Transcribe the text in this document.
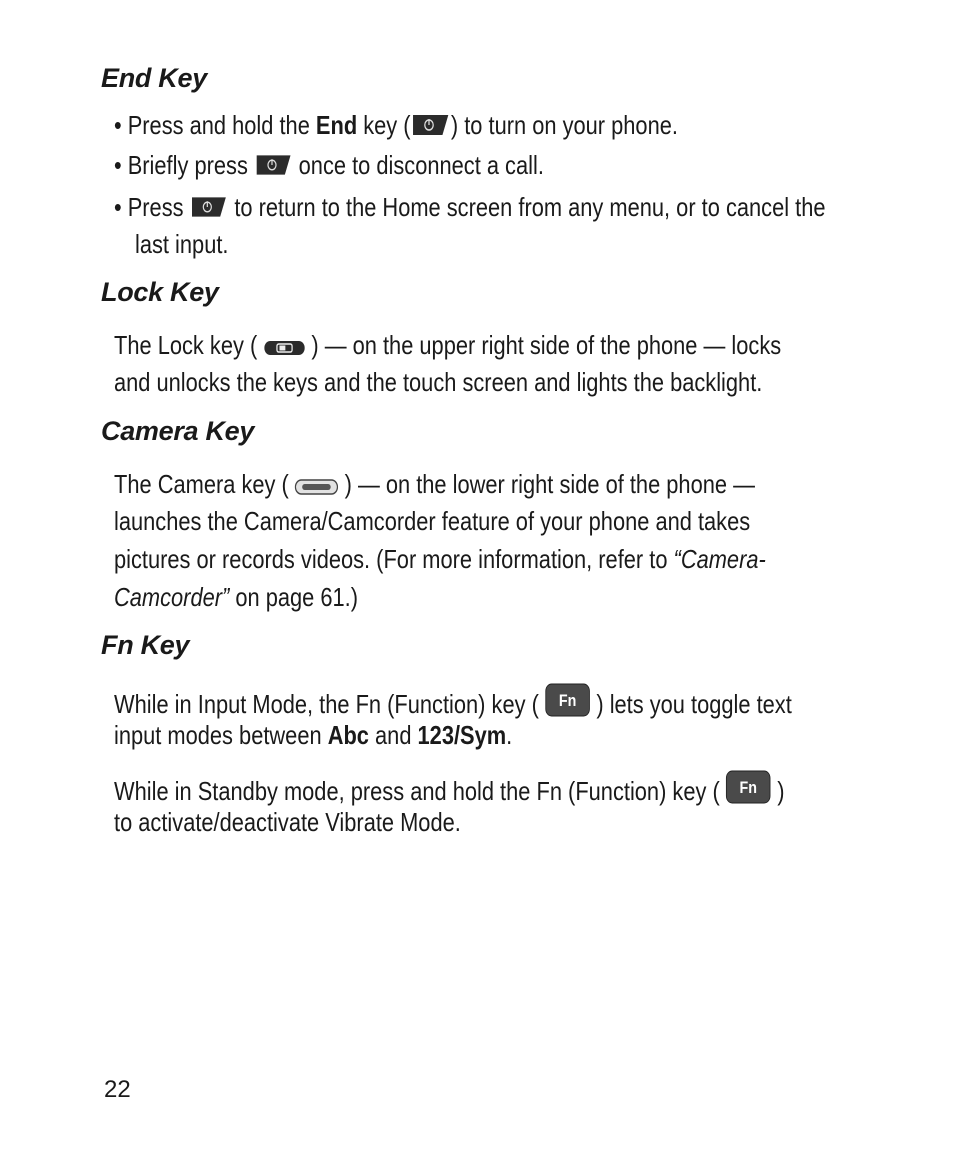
End Key

• Press and hold the End key ( ) to turn on your phone.

• Briefly press  once to disconnect a call.

• Press  to return to the Home screen from any menu, or to cancel the

last input.

Lock Key

The Lock key (  ) — on the upper right side of the phone — locks

and unlocks the keys and the touch screen and lights the backlight.

Camera Key

The Camera key (  ) — on the lower right side of the phone —

launches the Camera/Camcorder feature of your phone and takes

pictures or records videos. (For more information, refer to “Camera-

Camcorder” on page 61.)

Fn Key

While in Input Mode, the Fn (Function) key ( Fn ) lets you toggle text

input modes between Abc and 123/Sym.

While in Standby mode, press and hold the Fn (Function) key ( Fn )

to activate/deactivate Vibrate Mode.

22
